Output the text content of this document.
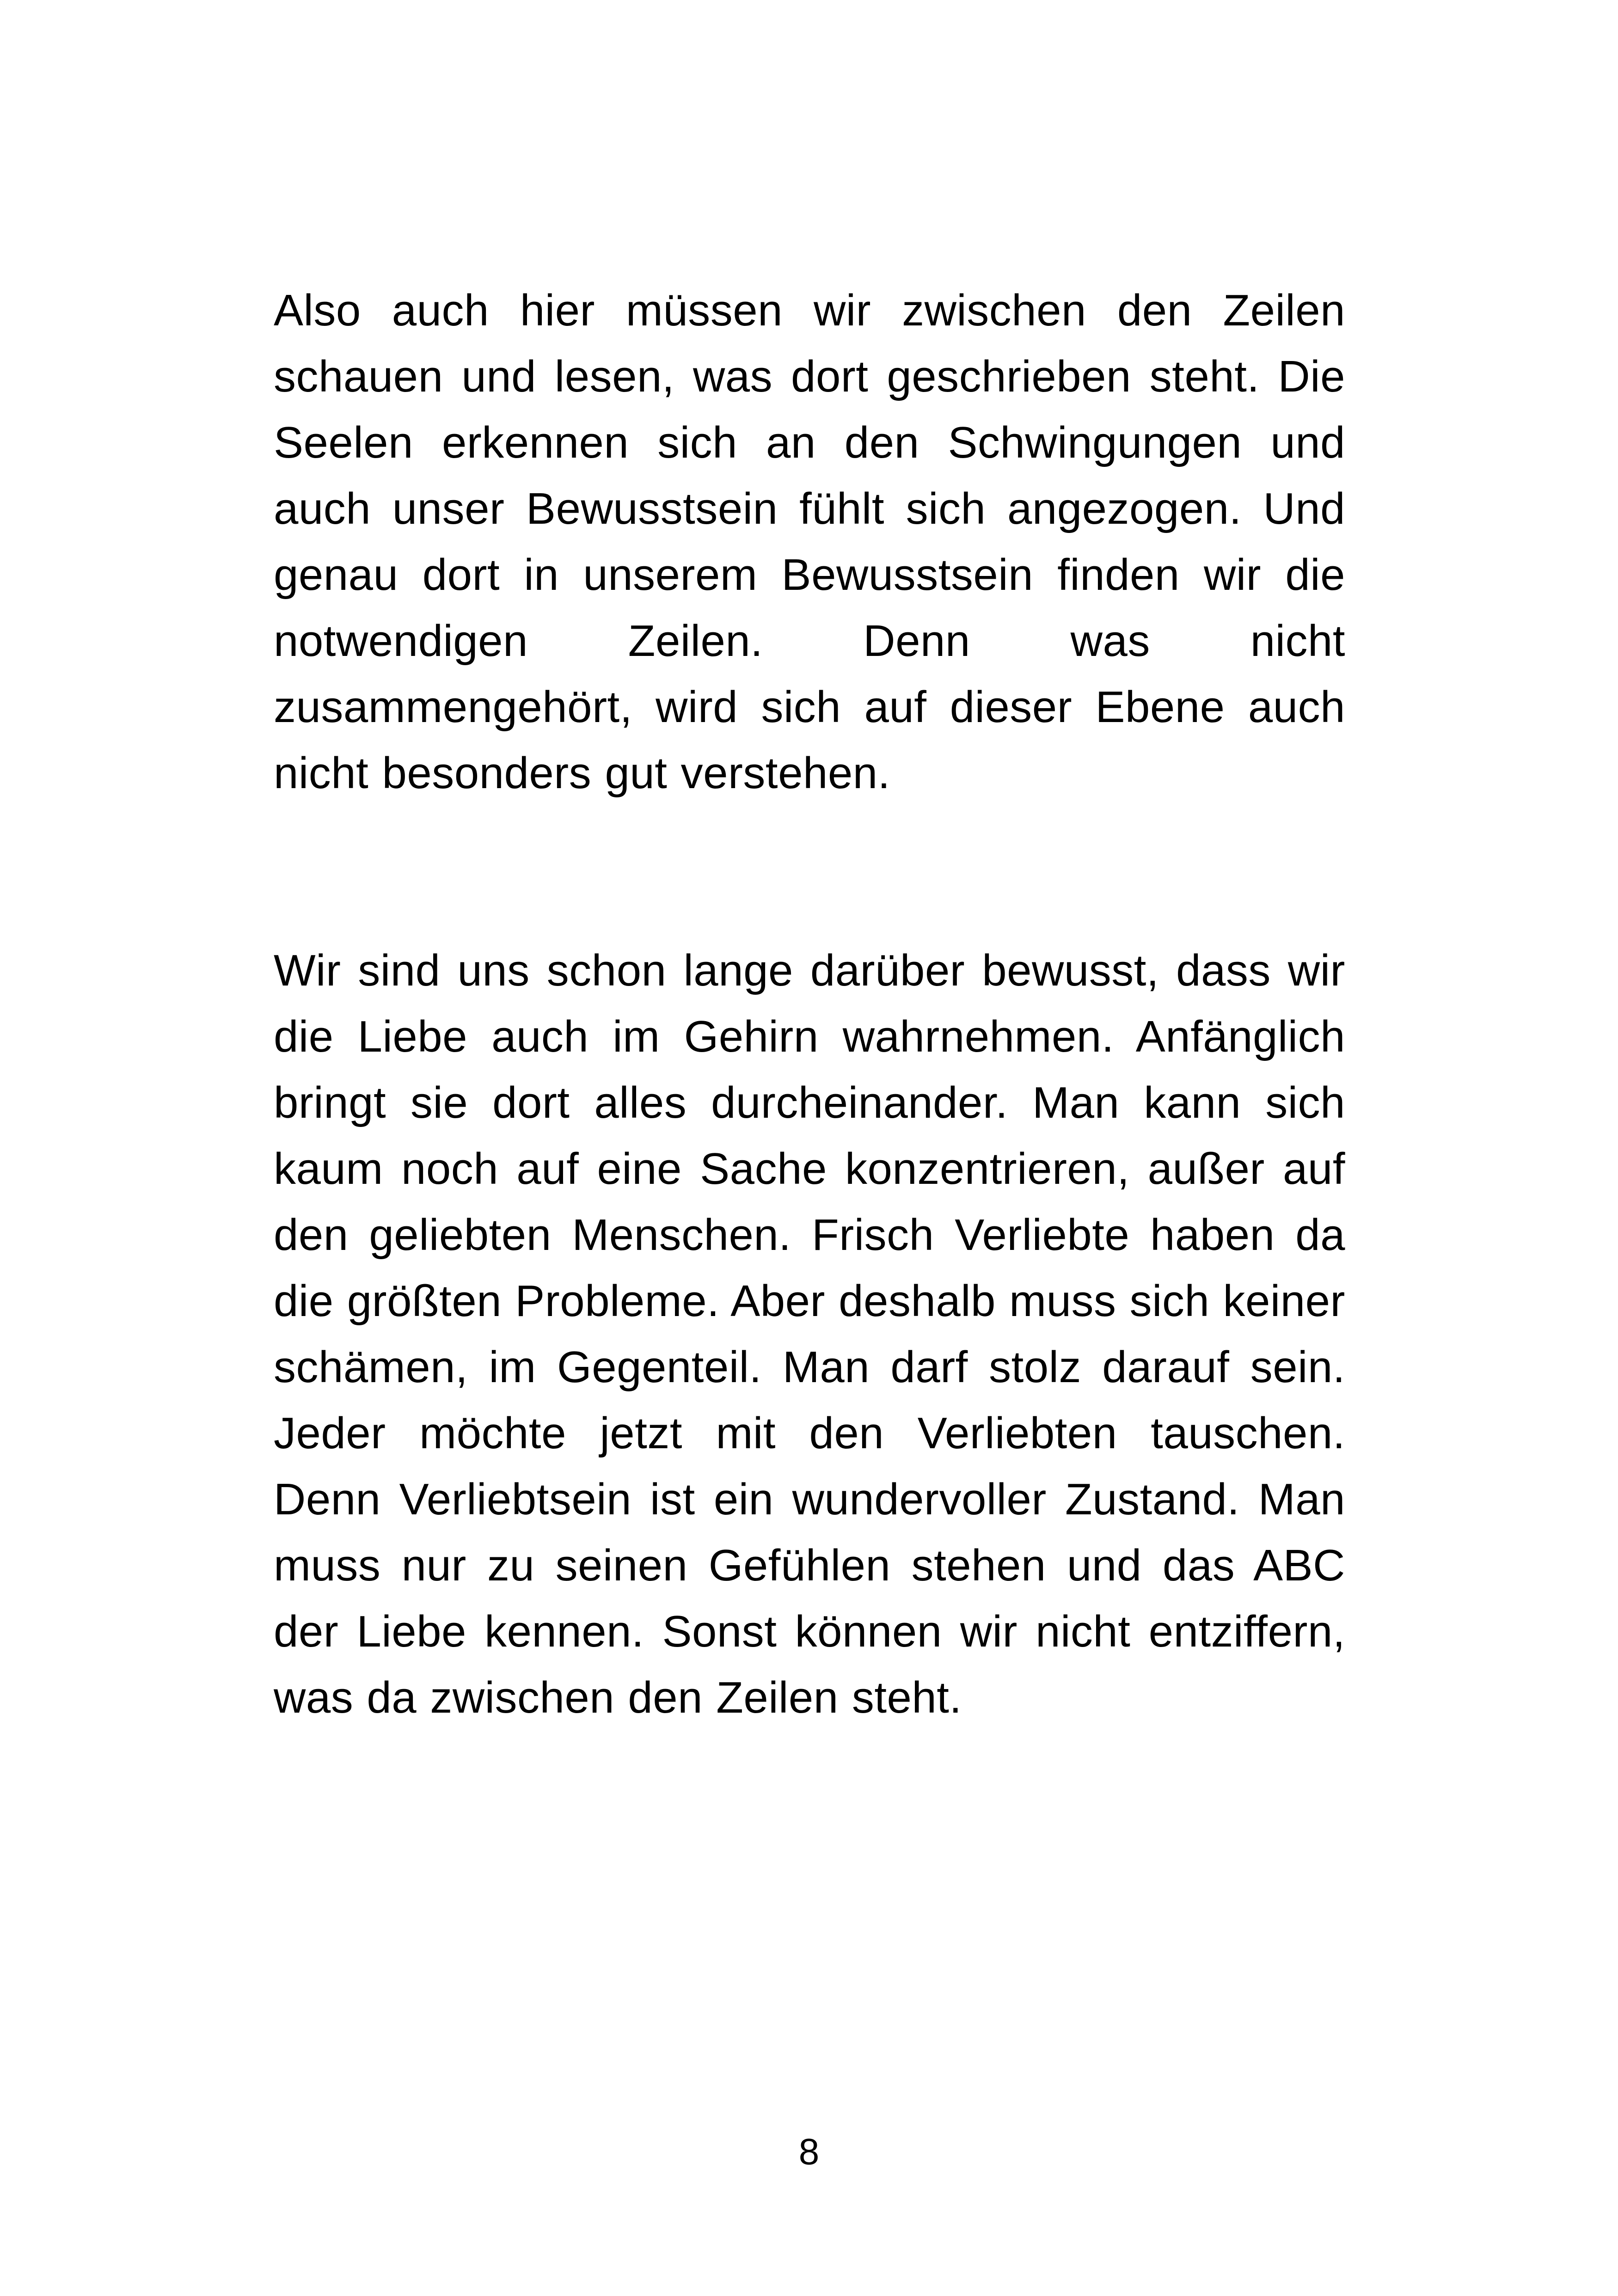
Also auch hier müssen wir zwischen den Zeilen schauen und lesen, was dort geschrieben steht. Die Seelen erkennen sich an den Schwingungen und auch unser Bewusstsein fühlt sich angezogen. Und genau dort in unserem Bewusstsein finden wir die notwendigen Zeilen. Denn was nicht zusammengehört, wird sich auf dieser Ebene auch nicht besonders gut verstehen.

Wir sind uns schon lange darüber bewusst, dass wir die Liebe auch im Gehirn wahrnehmen. Anfänglich bringt sie dort alles durcheinander. Man kann sich kaum noch auf eine Sache konzentrieren, außer auf den geliebten Menschen. Frisch Verliebte haben da die größten Probleme. Aber deshalb muss sich keiner schämen, im Gegenteil. Man darf stolz darauf sein. Jeder möchte jetzt mit den Verliebten tauschen. Denn Verliebtsein ist ein wundervoller Zustand. Man muss nur zu seinen Gefühlen stehen und das ABC der Liebe kennen. Sonst können wir nicht entziffern, was da zwischen den Zeilen steht.

8
